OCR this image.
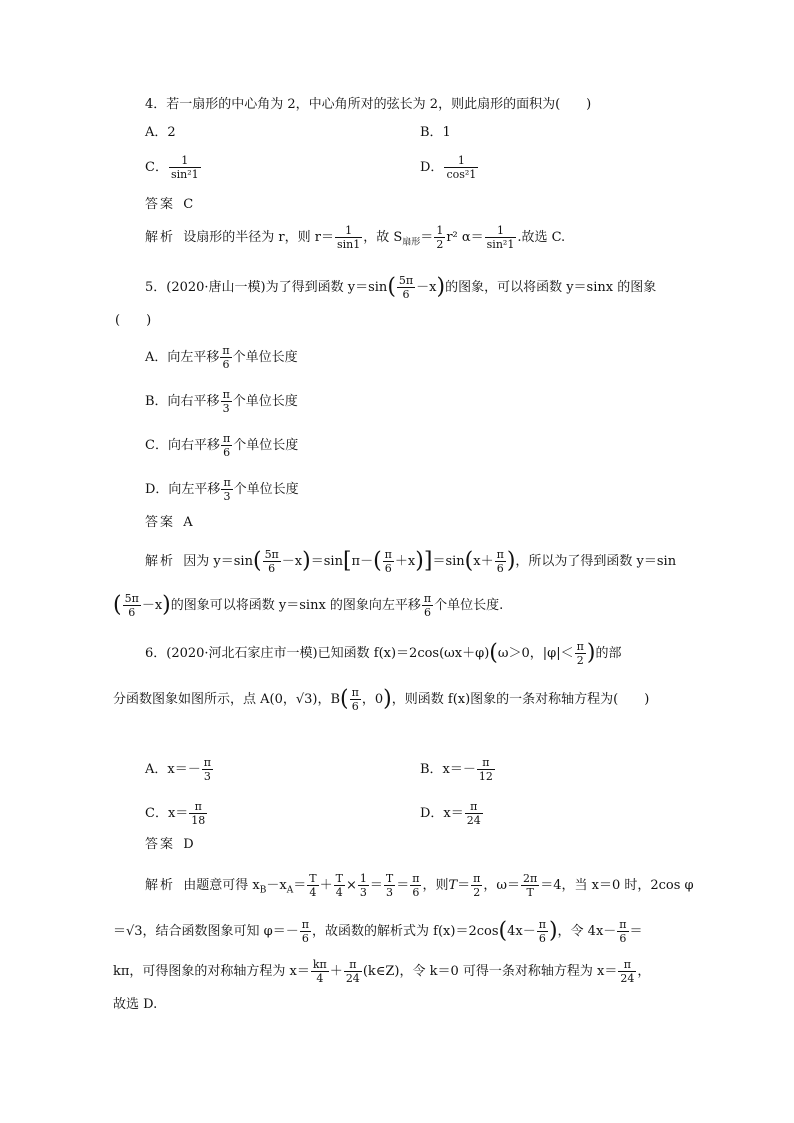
4．若一扇形的中心角为 2，中心角所对的弦长为 2，则此扇形的面积为(　　)
A．2	B．1
C． $\frac{1}{\text{sin²1}}$	D． $\frac{1}{\text{cos²1}}$
答案 C
解析 设扇形的半径为 r，则 $r= \frac{1}{\sin 1}$ ，故 $S_{扇形}= \frac{1}{2} r^2$ $\alpha= \frac{1}{\text{sin²1}}$ .故选 C.
5．(2020·唐山一模)为了得到函数 $y=\sin( \frac{5\pi}{6} -x)$的图象，可以将函数 y＝sinx 的图象
(　　)
A．向左平移 $\frac{\pi}{6}$ 个单位长度
B．向右平移 $\frac{\pi}{3}$ 个单位长度
C．向右平移 $\frac{\pi}{6}$ 个单位长度
D．向左平移 $\frac{\pi}{3}$ 个单位长度
答案 A
解析 因为 $y=\sin( \frac{5\pi}{6} -x)=\sin[\pi-( \frac{\pi}{6} +x)]=\sin(x+ \frac{\pi}{6}$ )，所以为了得到函数 y＝sin
( $\frac{5\pi}{6} -x$)的图象可以将函数 y＝sinx 的图象向左平移 $\frac{\pi}{6}$ 个单位长度.
6．(2020·河北石家庄市一模)已知函数 f(x)＝2cos(ωx＋φ)(ω＞0，$|\varphi|< \frac{\pi}{2}$ )的部
分函数图象如图所示，点 A(0，√3)，$B( \frac{\pi}{6}$ ，0)，则函数 f(x)图象的一条对称轴方程为(　　)
A．$x=- \frac{\pi}{3}$	B．$x=- \frac{\pi}{12}$
C．$x= \frac{\pi}{18}$	D．$x= \frac{\pi}{24}$
答案 D
解析 由题意可得 $x_B-x_A= \frac{T}{4} + \frac{T}{4} \times \frac{1}{3} = \frac{T}{3} = \frac{\pi}{6}$ ，则$T= \frac{\pi}{2}$ ，$\omega= \frac{2\pi}{T} =4$，当 x＝0 时，2cos φ
＝√3，结合函数图象可知 $\varphi=- \frac{\pi}{6}$ ，故函数的解析式为 $f(x)=2\cos(4x- \frac{\pi}{6}$ )，令 $4x- \frac{\pi}{6}$ ＝
kπ，可得图象的对称轴方程为 $x= \frac{k\pi}{4} + \frac{\pi}{24}$ (k∈Z)，令 k＝0 可得一条对称轴方程为 $x= \frac{\pi}{24}$ ，
故选 D.
